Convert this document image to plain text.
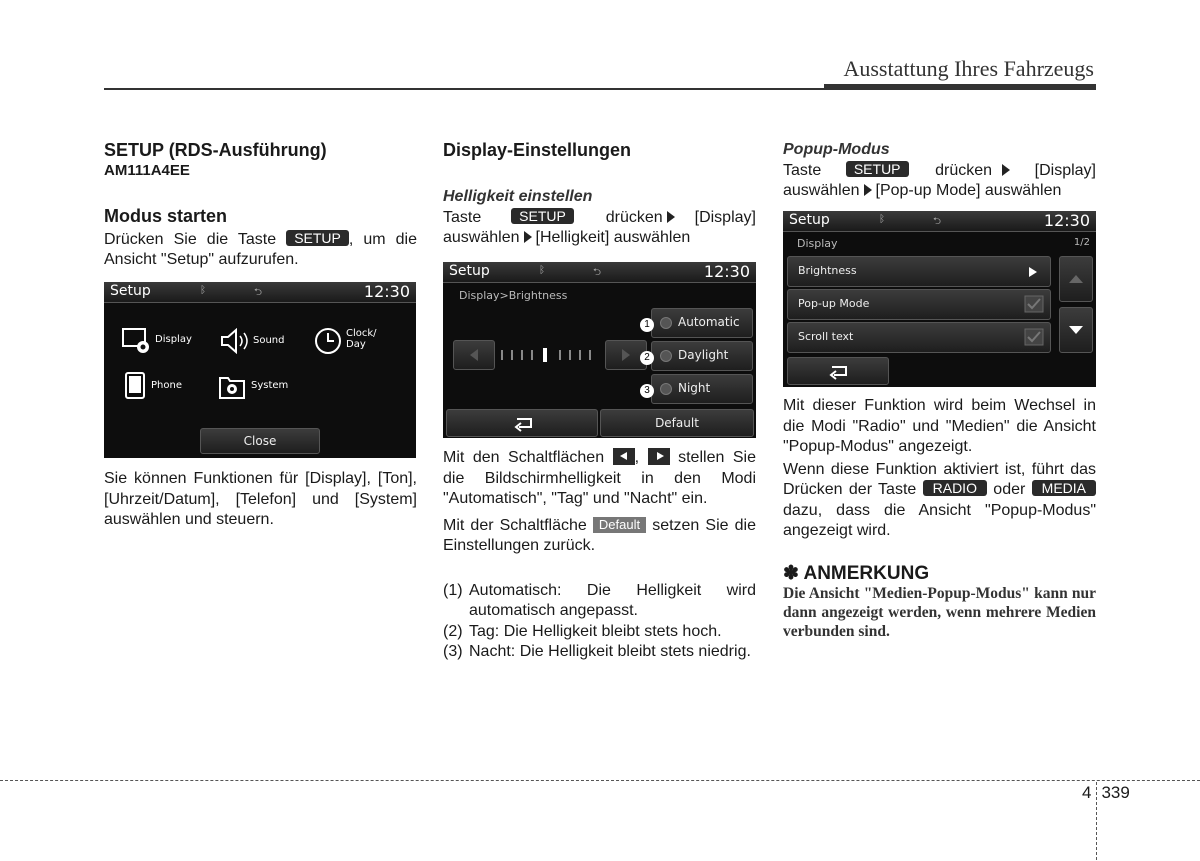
Ausstattung Ihres Fahrzeugs
SETUP (RDS-Ausführung)
AM111A4EE
Modus starten

Drücken Sie die Taste SETUP , um die Ansicht "Setup" aufzurufen.

Setup	ᛒ	⮌	12:30
Display	Sound
Clock/ Day
Phone	System
Close

Sie können Funktionen für [Display], [Ton], [Uhrzeit/Datum], [Telefon] und [System] auswählen und steuern.

Display-Einstellungen
Helligkeit einstellen

Taste	SETUP drücken [Display] auswählen [Helligkeit] auswählen

Setup	ᛒ	⮌	12:30
Display>Brightness
Automatic
Daylight
Night
1
2
3
Default

Mit den Schaltflächen , stellen Sie die Bildschirmhelligkeit in den Modi "Automatisch", "Tag" und "Nacht" ein.

Mit der Schaltfläche Default setzen Sie die Einstellungen zurück.

(1) Automatisch: Die Helligkeit wird automatisch angepasst.
(2) Tag: Die Helligkeit bleibt stets hoch.
(3) Nacht: Die Helligkeit bleibt stets niedrig.
Popup-Modus

Taste SETUP drücken	[Display] auswählen [Pop-up Mode] auswählen

Setup	ᛒ	⮌	12:30
Display	1/2
Brightness
Pop-up Mode
Scroll text

Mit dieser Funktion wird beim Wechsel in die Modi "Radio" und "Medien" die Ansicht "Popup-Modus" angezeigt.

Wenn diese Funktion aktiviert ist, führt das Drücken der Taste RADIO oder MEDIA dazu, dass die Ansicht "Popup-Modus" angezeigt wird.

✽ ANMERKUNG
Die Ansicht "Medien-Popup-Modus" kann nur dann angezeigt werden, wenn mehrere Medien verbunden sind.
4 339
